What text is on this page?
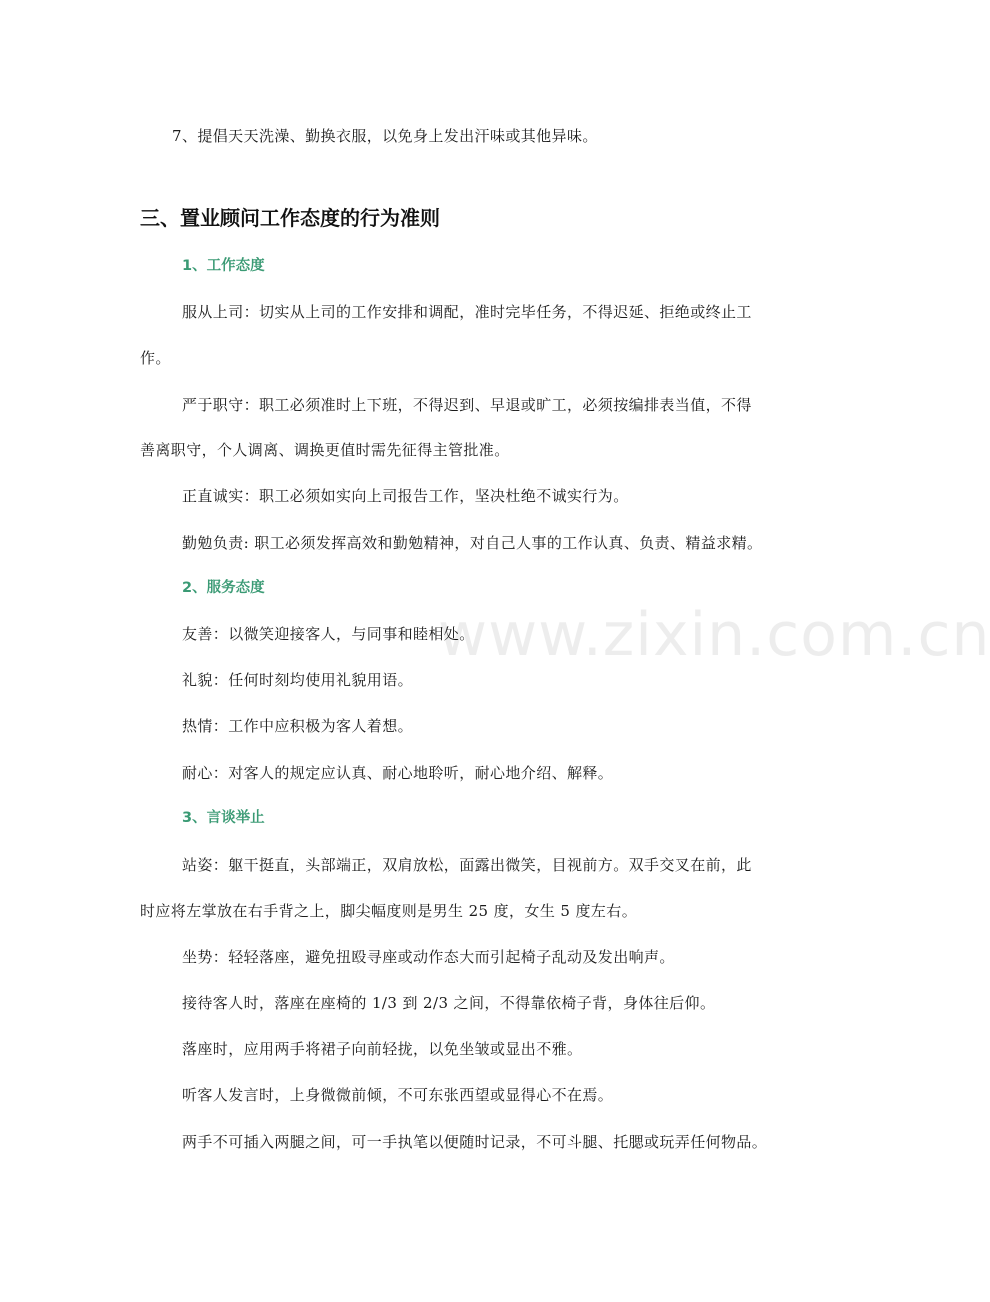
www.zixin.com.cn
7、提倡天天洗澡、勤换衣服，以免身上发出汗味或其他异味。
三、置业顾问工作态度的行为准则
1、工作态度
服从上司：切实从上司的工作安排和调配，准时完毕任务，不得迟延、拒绝或终止工
作。
严于职守：职工必须准时上下班，不得迟到、早退或旷工，必须按编排表当值，不得
善离职守，个人调离、调换更值时需先征得主管批准。
正直诚实：职工必须如实向上司报告工作，坚决杜绝不诚实行为。
勤勉负责: 职工必须发挥高效和勤勉精神，对自己人事的工作认真、负责、精益求精。
2、服务态度
友善：以微笑迎接客人，与同事和睦相处。
礼貌：任何时刻均使用礼貌用语。
热情：工作中应积极为客人着想。
耐心：对客人的规定应认真、耐心地聆听，耐心地介绍、解释。
3、言谈举止
站姿：躯干挺直，头部端正，双肩放松，面露出微笑，目视前方。双手交叉在前，此
时应将左掌放在右手背之上，脚尖幅度则是男生 25 度，女生 5 度左右。
坐势：轻轻落座，避免扭殴寻座或动作态大而引起椅子乱动及发出响声。
接待客人时，落座在座椅的 1/3 到 2/3 之间，不得靠依椅子背，身体往后仰。
落座时，应用两手将裙子向前轻拢，以免坐皱或显出不雅。
听客人发言时，上身微微前倾，不可东张西望或显得心不在焉。
两手不可插入两腿之间，可一手执笔以便随时记录，不可斗腿、托腮或玩弄任何物品。
